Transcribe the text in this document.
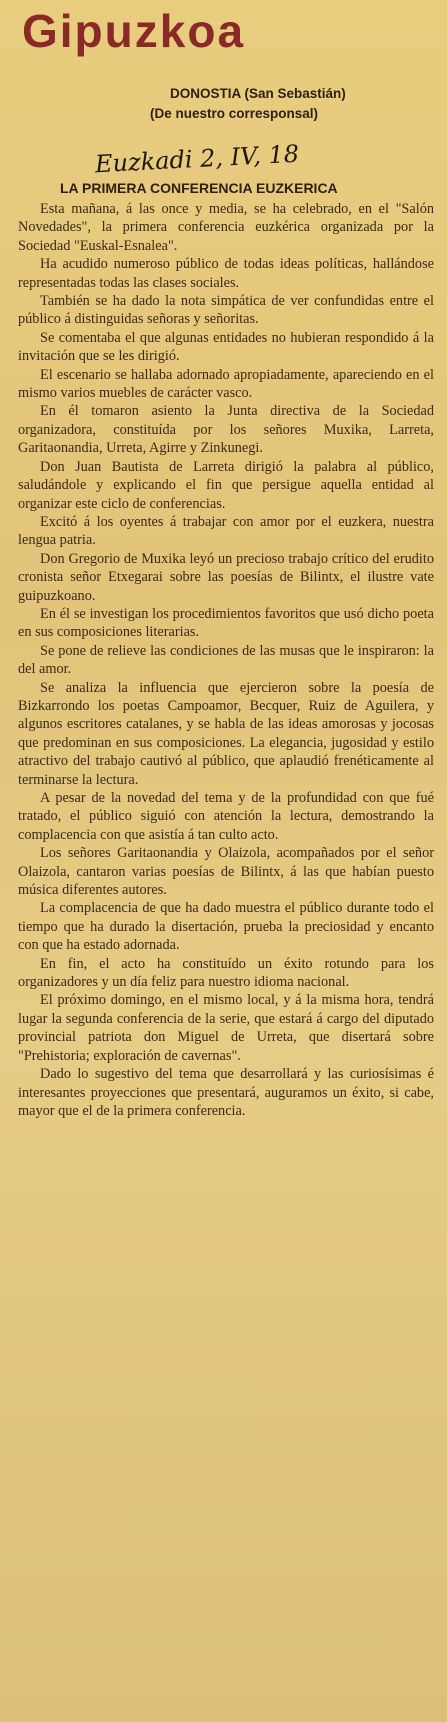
Gipuzkoa
DONOSTIA (San Sebastián)
(De nuestro corresponsal)
Euzkadi 2, IV, 18
LA PRIMERA CONFERENCIA EUZKERICA

Esta mañana, á las once y media, se ha celebrado, en el "Salón Novedades", la primera conferencia euzkérica organizada por la Sociedad "Euskal-Esnalea".

Ha acudido numeroso público de todas ideas políticas, hallándose representadas todas las clases sociales.

También se ha dado la nota simpática de ver confundidas entre el público á distinguidas señoras y señoritas.

Se comentaba el que algunas entidades no hubieran respondido á la invitación que se les dirigió.

El escenario se hallaba adornado apropiadamente, apareciendo en el mismo varios muebles de carácter vasco.

En él tomaron asiento la Junta directiva de la Sociedad organizadora, constituída por los señores Muxika, Larreta, Garitaonandia, Urreta, Agirre y Zinkunegi.

Don Juan Bautista de Larreta dirigió la palabra al público, saludándole y explicando el fin que persigue aquella entidad al organizar este ciclo de conferencias.

Excitó á los oyentes á trabajar con amor por el euzkera, nuestra lengua patria.

Don Gregorio de Muxika leyó un precioso trabajo crítico del erudito cronista señor Etxegarai sobre las poesías de Bilintx, el ilustre vate guipuzkoano.

En él se investigan los procedimientos favoritos que usó dicho poeta en sus composiciones literarias.

Se pone de relieve las condiciones de las musas que le inspiraron: la del amor.

Se analiza la influencia que ejercieron sobre la poesía de Bizkarrondo los poetas Campoamor, Becquer, Ruiz de Aguilera, y algunos escritores catalanes, y se habla de las ideas amorosas y jocosas que predominan en sus composiciones. La elegancia, jugosidad y estilo atractivo del trabajo cautivó al público, que aplaudió frenéticamente al terminarse la lectura.

A pesar de la novedad del tema y de la profundidad con que fué tratado, el público siguió con atención la lectura, demostrando la complacencia con que asistía á tan culto acto.

Los señores Garitaonandia y Olaizola, acompañados por el señor Olaizola, cantaron varias poesías de Bilintx, á las que habían puesto música diferentes autores.

La complacencia de que ha dado muestra el público durante todo el tiempo que ha durado la disertación, prueba la preciosidad y encanto con que ha estado adornada.

En fin, el acto ha constituído un éxito rotundo para los organizadores y un día feliz para nuestro idioma nacional.

El próximo domingo, en el mismo local, y á la misma hora, tendrá lugar la segunda conferencia de la serie, que estará á cargo del diputado provincial patriota don Miguel de Urreta, que disertará sobre "Prehistoria; exploración de cavernas".

Dado lo sugestivo del tema que desarrollará y las curiosísimas é interesantes proyecciones que presentará, auguramos un éxito, si cabe, mayor que el de la primera conferencia.
